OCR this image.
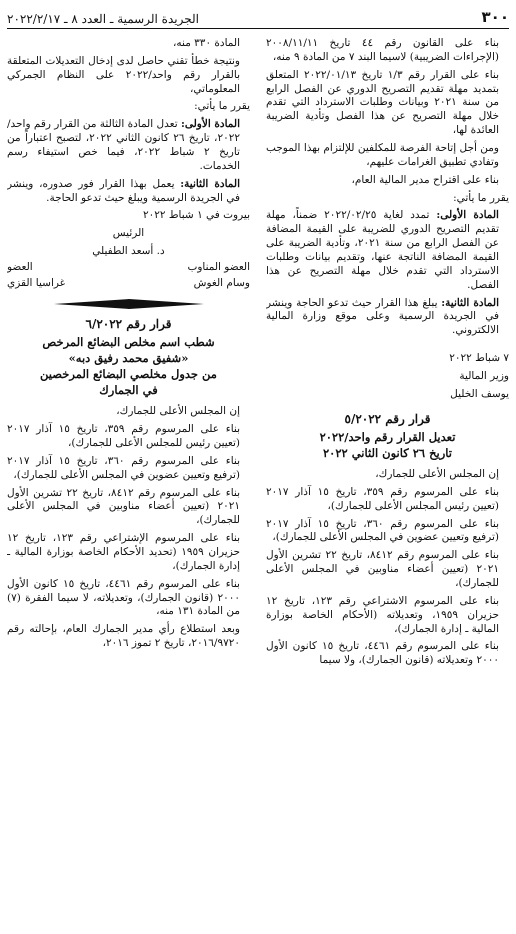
٣٠٠
الجريدة الرسمية ـ العدد ٨ ـ ٢٠٢٢/٢/١٧

بناء على القانون رقم ٤٤ تاريخ ٢٠٠٨/١١/١١ (الإجراءات الضريبية) لاسيما البند ٧ من المادة ٩ منه،

بناء على القرار رقم ١/٣ تاريخ ٢٠٢٢/٠١/١٣ المتعلق بتمديد مهلة تقديم التصريح الدوري عن الفصل الرابع من سنة ٢٠٢١ وبيانات وطلبات الاسترداد التي تقدم خلال مهلة التصريح عن هذا الفصل وتأدية الضريبة العائدة لها،

ومن أجل إتاحة الفرصة للمكلفين للإلتزام بهذا الموجب وتفادي تطبيق الغرامات عليهم،

بناء على اقتراح مدير المالية العام،

يقرر ما يأتي:

المادة الأولى: تمدد لغاية ٢٠٢٢/٠٢/٢٥ ضمناً، مهلة تقديم التصريح الدوري للضريبة على القيمة المضافة عن الفصل الرابع من سنة ٢٠٢١، وتأدية الضريبة على القيمة المضافة الناتجة عنها، وتقديم بيانات وطلبات الاسترداد التي تقدم خلال مهلة التصريح عن هذا الفصل.

المادة الثانية: يبلغ هذا القرار حيث تدعو الحاجة وينشر في الجريدة الرسمية وعلى موقع وزارة المالية الالكتروني.

٧ شباط ٢٠٢٢
وزير المالية
يوسف الخليل
قرار رقم ٥/٢٠٢٢
تعديل القرار رقم واحد/٢٠٢٢
تاريخ ٢٦ كانون الثاني ٢٠٢٢

إن المجلس الأعلى للجمارك،

بناء على المرسوم رقم ٣٥٩، تاريخ ١٥ آذار ٢٠١٧ (تعيين رئيس المجلس الأعلى للجمارك)،

بناء على المرسوم رقم ٣٦٠، تاريخ ١٥ آذار ٢٠١٧ (ترفيع وتعيين عضوين في المجلس الأعلى للجمارك)،

بناء على المرسوم رقم ٨٤١٢، تاريخ ٢٢ تشرين الأول ٢٠٢١ (تعيين أعضاء مناوبين في المجلس الأعلى للجمارك)،

بناء على المرسوم الاشتراعي رقم ١٢٣، تاريخ ١٢ حزيران ١٩٥٩، وتعديلاته (الأحكام الخاصة بوزارة المالية ـ إدارة الجمارك)،

بناء على المرسوم رقم ٤٤٦١، تاريخ ١٥ كانون الأول ٢٠٠٠ وتعديلاته (قانون الجمارك)، ولا سيما

المادة ٣٣٠ منه،

ونتيجة خطأ تقني حاصل لدى إدخال التعديلات المتعلقة بالقرار رقم واحد/٢٠٢٢ على النظام الجمركي المعلوماتي،

يقرر ما يأتي:

المادة الأولى: تعدل المادة الثالثة من القرار رقم واحد/٢٠٢٢، تاريخ ٢٦ كانون الثاني ٢٠٢٢، لتصبح اعتباراً من تاريخ ٢ شباط ٢٠٢٢، فيما خص استيفاء رسم الخدمات.

المادة الثانية: يعمل بهذا القرار فور صدوره، وينشر في الجريدة الرسمية ويبلغ حيث تدعو الحاجة.

بيروت في ١ شباط ٢٠٢٢
الرئيس
د. أسعد الطفيلي
العضو المناوب
العضو
وسام الغوش
غراسيا القزي
قرار رقم ٦/٢٠٢٢
شطب اسم مخلص البضائع المرخص
«شفيق محمد رفيق دبه»
من جدول مخلصي البضائع المرخصين
في الجمارك

إن المجلس الأعلى للجمارك،

بناء على المرسوم رقم ٣٥٩، تاريخ ١٥ آذار ٢٠١٧ (تعيين رئيس للمجلس الأعلى للجمارك)،

بناء على المرسوم رقم ٣٦٠، تاريخ ١٥ آذار ٢٠١٧ (ترفيع وتعيين عضوين في المجلس الأعلى للجمارك)،

بناء على المرسوم رقم ٨٤١٢، تاريخ ٢٢ تشرين الأول ٢٠٢١ (تعيين أعضاء مناوبين في المجلس الأعلى للجمارك)،

بناء على المرسوم الإشتراعي رقم ١٢٣، تاريخ ١٢ حزيران ١٩٥٩ (تحديد الأحكام الخاصة بوزارة المالية ـ إدارة الجمارك)،

بناء على المرسوم رقم ٤٤٦١، تاريخ ١٥ كانون الأول ٢٠٠٠ (قانون الجمارك)، وتعديلاته، لا سيما الفقرة (٧) من المادة ١٣١ منه،

وبعد استطلاع رأي مدير الجمارك العام، بإحالته رقم ٢٠١٦/٩٧٢٠، تاريخ ٢ تموز ٢٠١٦،
